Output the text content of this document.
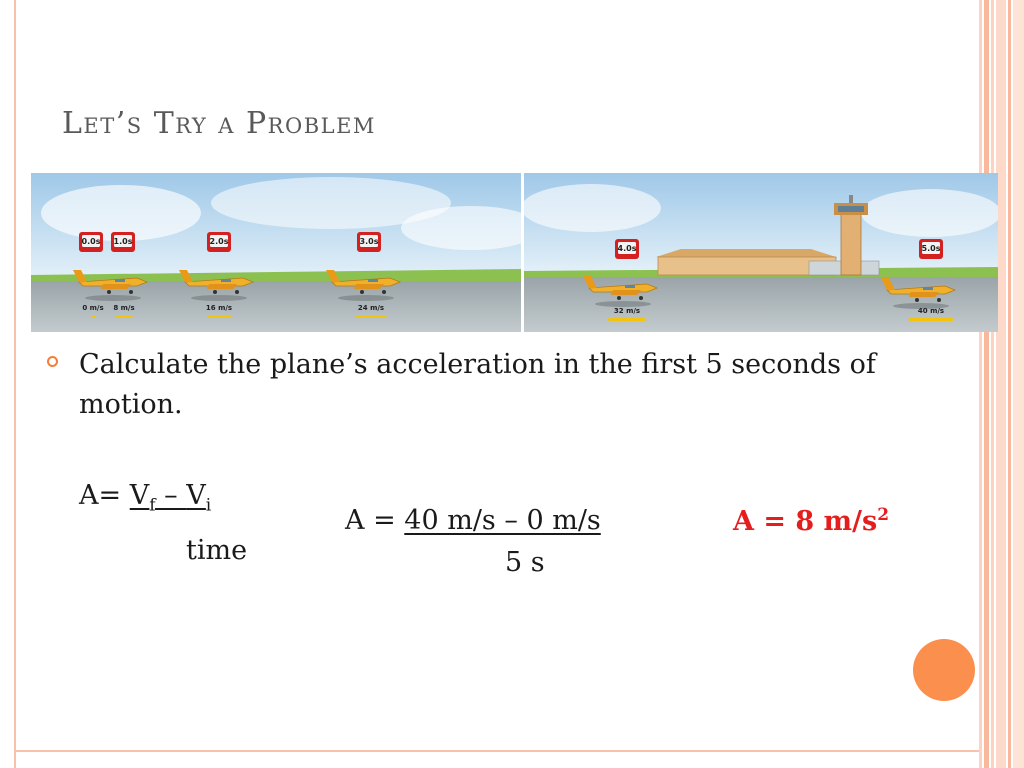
Let’s Try a Problem
0.0s
0 m/s
1.0s
8 m/s
2.0s
16 m/s
3.0s
24 m/s
4.0s
32 m/s
5.0s
40 m/s
Calculate the plane’s acceleration in the first 5 seconds of motion.
$A= V_f - V_i$
time
A = 40 m/s – 0 m/s
5 s
A = 8 $m/s^2$
